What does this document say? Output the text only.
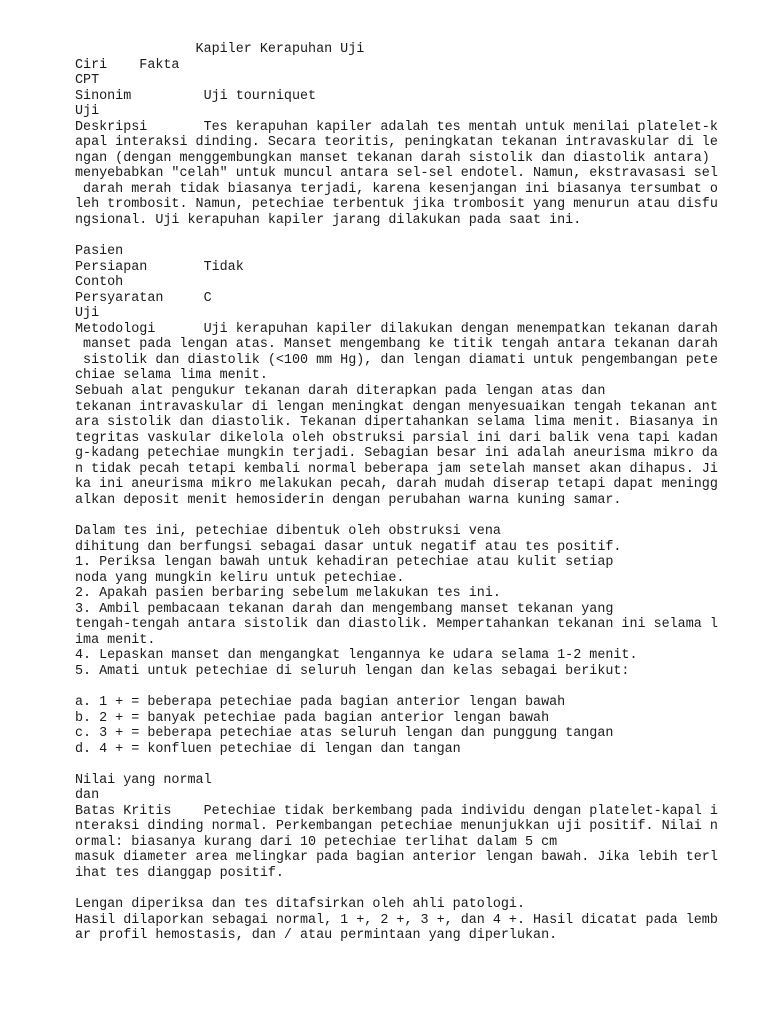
Kapiler Kerapuhan Uji
Ciri    Fakta
CPT
Sinonim         Uji tourniquet
Uji
Deskripsi       Tes kerapuhan kapiler adalah tes mentah untuk menilai platelet-k
apal interaksi dinding. Secara teoritis, peningkatan tekanan intravaskular di le
ngan (dengan menggembungkan manset tekanan darah sistolik dan diastolik antara)
menyebabkan "celah" untuk muncul antara sel-sel endotel. Namun, ekstravasasi sel
darah merah tidak biasanya terjadi, karena kesenjangan ini biasanya tersumbat o
leh trombosit. Namun, petechiae terbentuk jika trombosit yang menurun atau disfu
ngsional. Uji kerapuhan kapiler jarang dilakukan pada saat ini.
Pasien
Persiapan       Tidak
Contoh
Persyaratan     C
Uji
Metodologi      Uji kerapuhan kapiler dilakukan dengan menempatkan tekanan darah
manset pada lengan atas. Manset mengembang ke titik tengah antara tekanan darah
sistolik dan diastolik (<100 mm Hg), dan lengan diamati untuk pengembangan pete
chiae selama lima menit.
Sebuah alat pengukur tekanan darah diterapkan pada lengan atas dan
tekanan intravaskular di lengan meningkat dengan menyesuaikan tengah tekanan ant
ara sistolik dan diastolik. Tekanan dipertahankan selama lima menit. Biasanya in
tegritas vaskular dikelola oleh obstruksi parsial ini dari balik vena tapi kadan
g-kadang petechiae mungkin terjadi. Sebagian besar ini adalah aneurisma mikro da
n tidak pecah tetapi kembali normal beberapa jam setelah manset akan dihapus. Ji
ka ini aneurisma mikro melakukan pecah, darah mudah diserap tetapi dapat meningg
alkan deposit menit hemosiderin dengan perubahan warna kuning samar.
Dalam tes ini, petechiae dibentuk oleh obstruksi vena
dihitung dan berfungsi sebagai dasar untuk negatif atau tes positif.
1. Periksa lengan bawah untuk kehadiran petechiae atau kulit setiap
noda yang mungkin keliru untuk petechiae.
2. Apakah pasien berbaring sebelum melakukan tes ini.
3. Ambil pembacaan tekanan darah dan mengembang manset tekanan yang
tengah-tengah antara sistolik dan diastolik. Mempertahankan tekanan ini selama l
ima menit.
4. Lepaskan manset dan mengangkat lengannya ke udara selama 1-2 menit.
5. Amati untuk petechiae di seluruh lengan dan kelas sebagai berikut:
a. 1 + = beberapa petechiae pada bagian anterior lengan bawah
b. 2 + = banyak petechiae pada bagian anterior lengan bawah
c. 3 + = beberapa petechiae atas seluruh lengan dan punggung tangan
d. 4 + = konfluen petechiae di lengan dan tangan
Nilai yang normal
dan
Batas Kritis    Petechiae tidak berkembang pada individu dengan platelet-kapal i
nteraksi dinding normal. Perkembangan petechiae menunjukkan uji positif. Nilai n
ormal: biasanya kurang dari 10 petechiae terlihat dalam 5 cm
masuk diameter area melingkar pada bagian anterior lengan bawah. Jika lebih terl
ihat tes dianggap positif.
Lengan diperiksa dan tes ditafsirkan oleh ahli patologi.
Hasil dilaporkan sebagai normal, 1 +, 2 +, 3 +, dan 4 +. Hasil dicatat pada lemb
ar profil hemostasis, dan / atau permintaan yang diperlukan.
